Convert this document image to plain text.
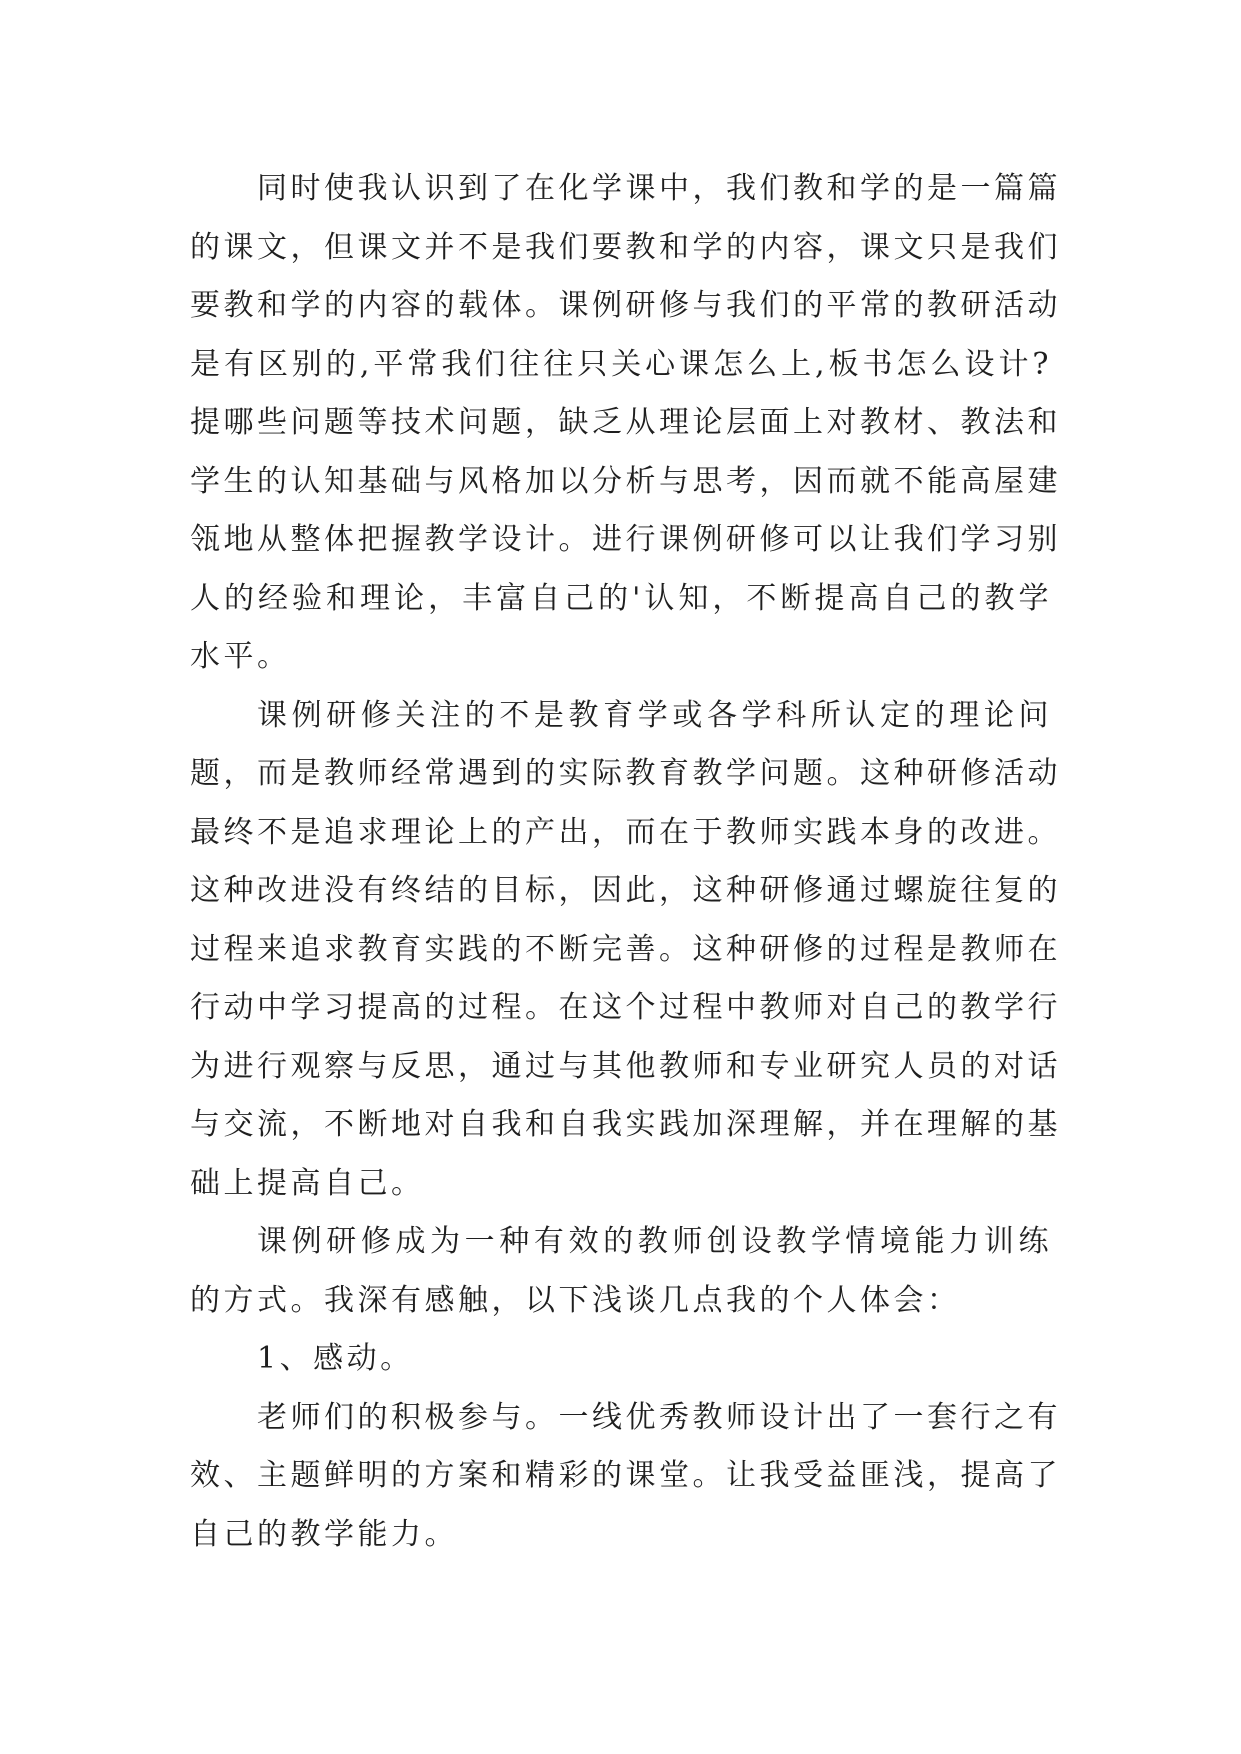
同时使我认识到了在化学课中，我们教和学的是一篇篇
的课文，但课文并不是我们要教和学的内容，课文只是我们
要教和学的内容的载体。课例研修与我们的平常的教研活动
是有区别的,平常我们往往只关心课怎么上,板书怎么设计?
提哪些问题等技术问题，缺乏从理论层面上对教材、教法和
学生的认知基础与风格加以分析与思考，因而就不能高屋建
瓴地从整体把握教学设计。进行课例研修可以让我们学习别
人的经验和理论，丰富自己的'认知，不断提高自己的教学
水平。
课例研修关注的不是教育学或各学科所认定的理论问
题，而是教师经常遇到的实际教育教学问题。这种研修活动
最终不是追求理论上的产出，而在于教师实践本身的改进。
这种改进没有终结的目标，因此，这种研修通过螺旋往复的
过程来追求教育实践的不断完善。这种研修的过程是教师在
行动中学习提高的过程。在这个过程中教师对自己的教学行
为进行观察与反思，通过与其他教师和专业研究人员的对话
与交流，不断地对自我和自我实践加深理解，并在理解的基
础上提高自己。
课例研修成为一种有效的教师创设教学情境能力训练
的方式。我深有感触，以下浅谈几点我的个人体会：
1、感动。
老师们的积极参与。一线优秀教师设计出了一套行之有
效、主题鲜明的方案和精彩的课堂。让我受益匪浅，提高了
自己的教学能力。
